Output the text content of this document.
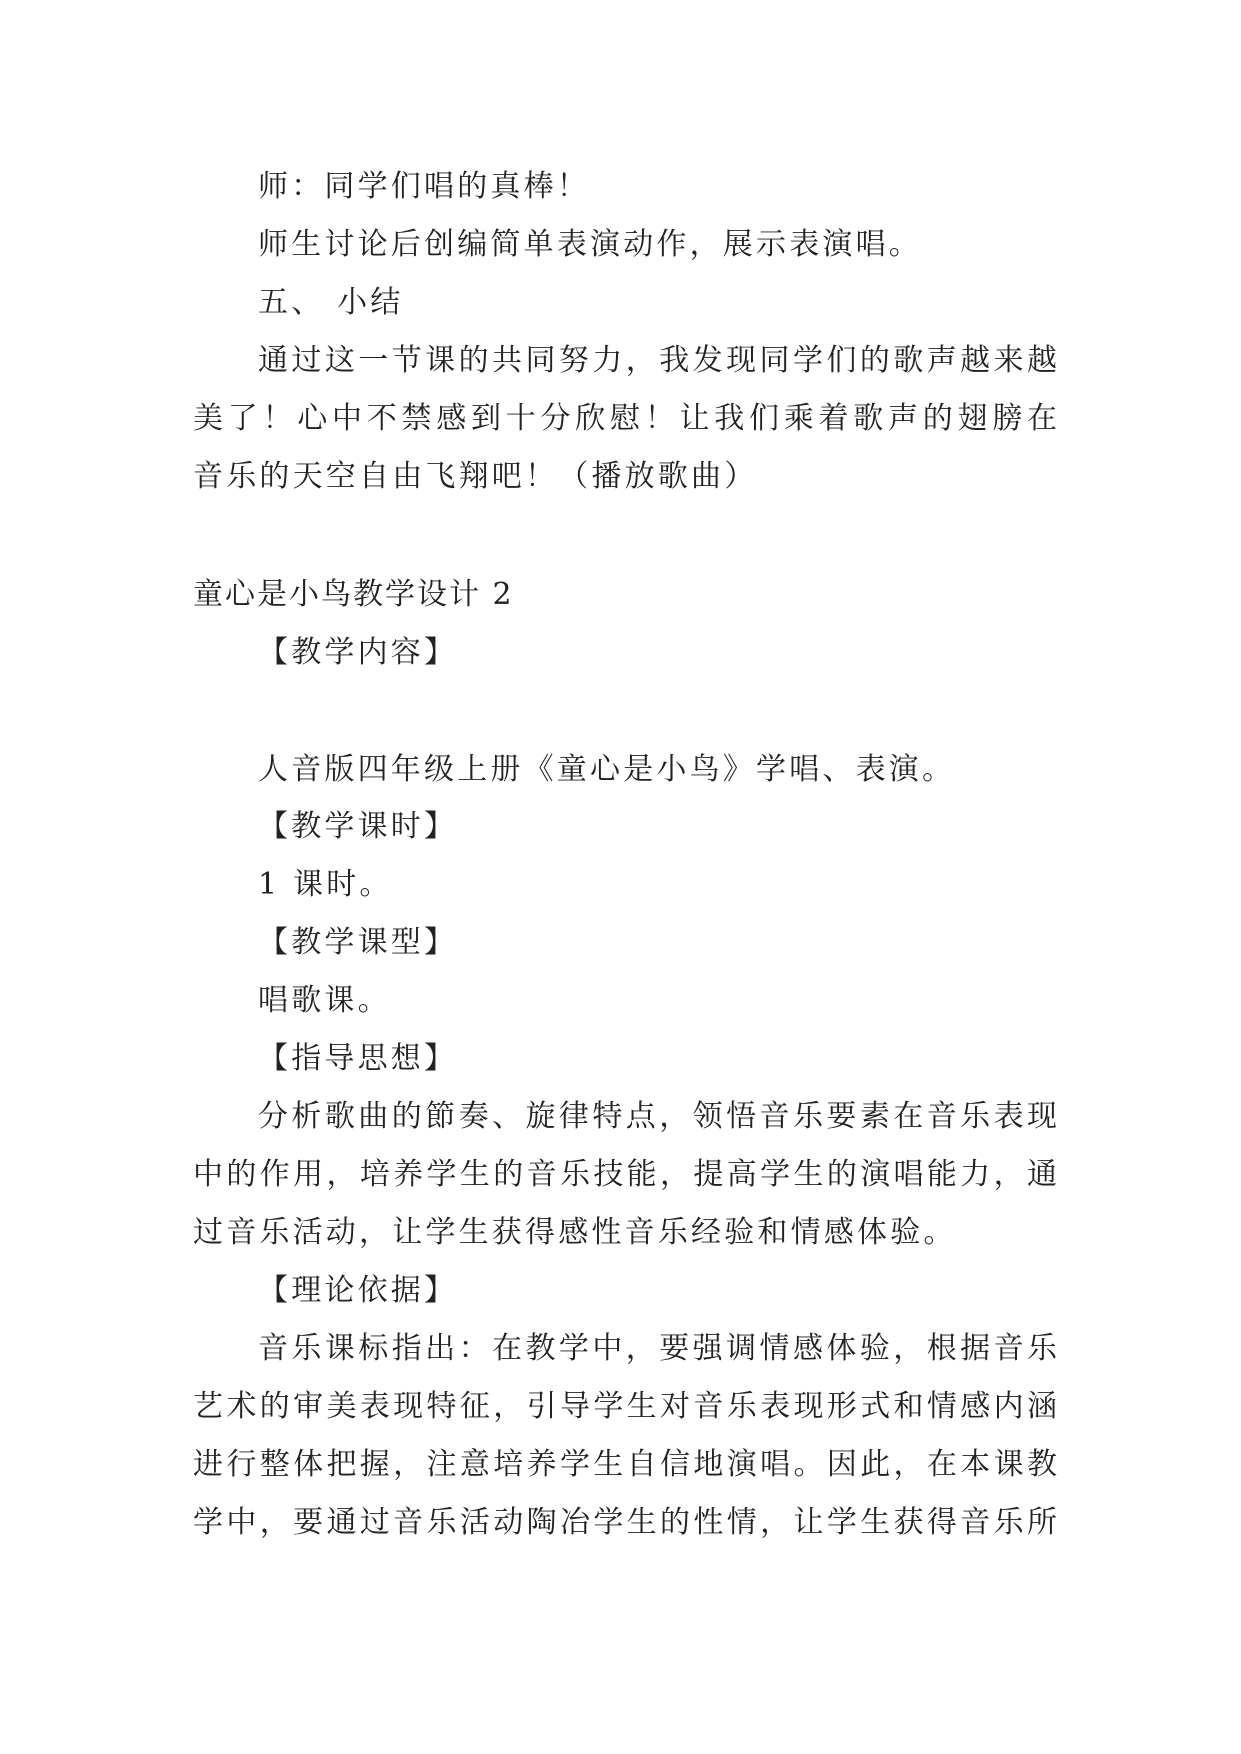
师：同学们唱的真棒！
师生讨论后创编简单表演动作，展示表演唱。
五、 小结
通过这一节课的共同努力，我发现同学们的歌声越来越
美了！心中不禁感到十分欣慰！让我们乘着歌声的翅膀在
音乐的天空自由飞翔吧！（播放歌曲）
童心是小鸟教学设计 2
【教学内容】
人音版四年级上册《童心是小鸟》学唱、表演。
【教学课时】
1 课时。
【教学课型】
唱歌课。
【指导思想】
分析歌曲的節奏、旋律特点，领悟音乐要素在音乐表现
中的作用，培养学生的音乐技能，提高学生的演唱能力，通
过音乐活动，让学生获得感性音乐经验和情感体验。
【理论依据】
音乐课标指出：在教学中，要强调情感体验，根据音乐
艺术的审美表现特征，引导学生对音乐表现形式和情感内涵
进行整体把握，注意培养学生自信地演唱。因此，在本课教
学中，要通过音乐活动陶冶学生的性情，让学生获得音乐所
